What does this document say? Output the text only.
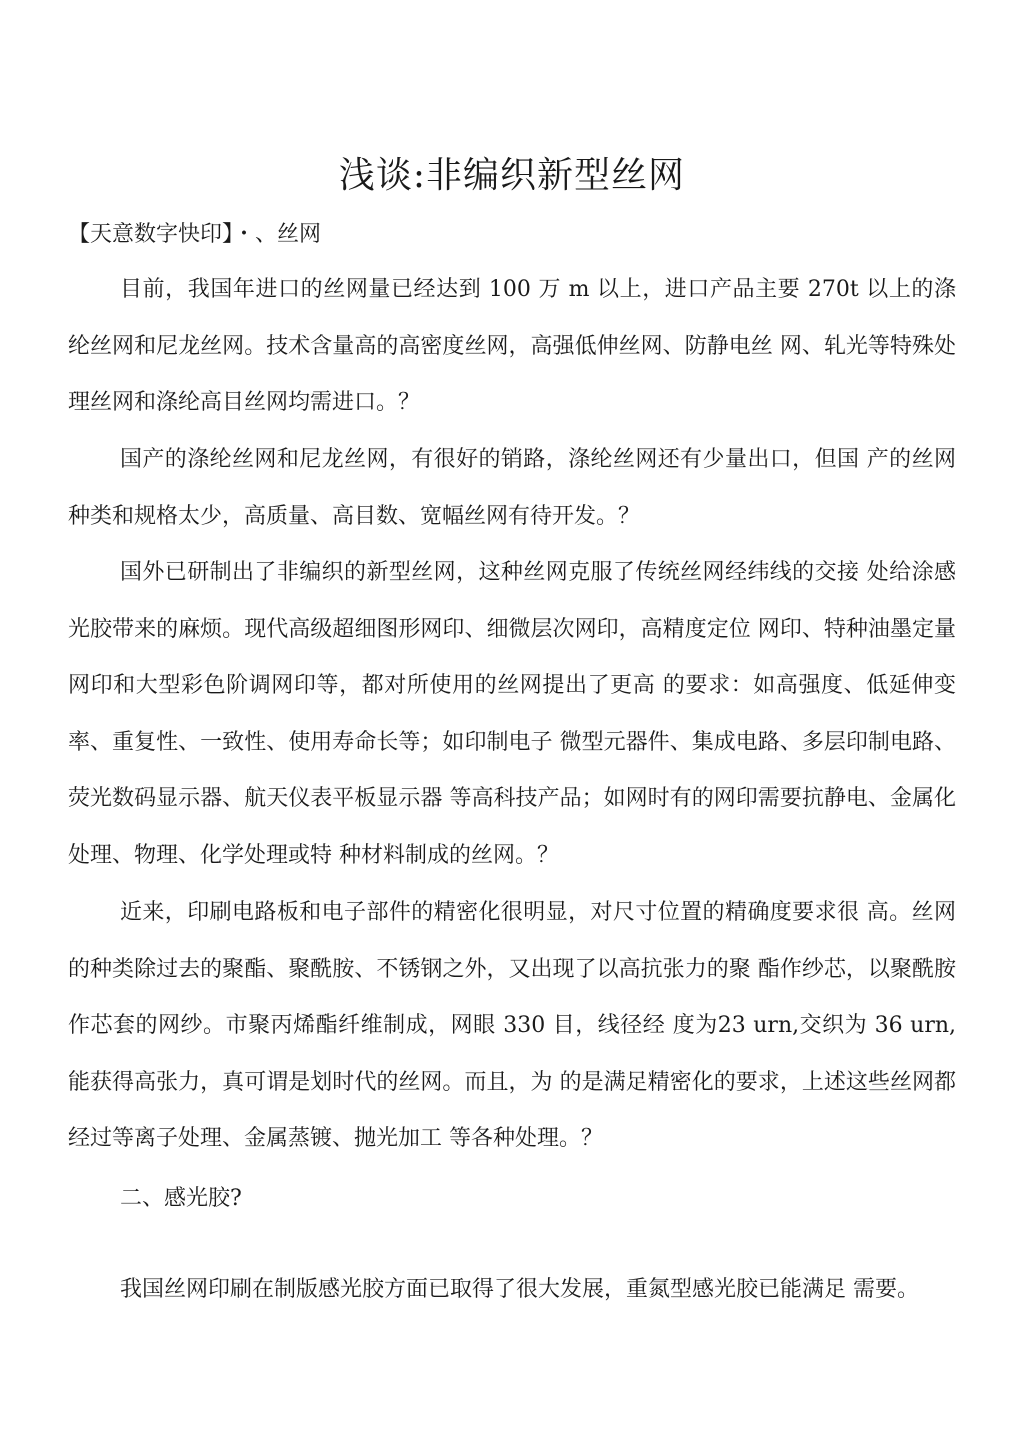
浅谈:非编织新型丝网

【天意数字快印】・、丝网

目前，我国年进口的丝网量已经达到 100 万 m 以上，进口产品主要 270t 以上的涤纶丝网和尼龙丝网。技术含量高的高密度丝网，高强低伸丝网、防静电丝 网、轧光等特殊处理丝网和涤纶高目丝网均需进口。？

国产的涤纶丝网和尼龙丝网，有很好的销路，涤纶丝网还有少量出口，但国 产的丝网种类和规格太少，高质量、高目数、宽幅丝网有待开发。？

国外已研制出了非编织的新型丝网，这种丝网克服了传统丝网经纬线的交接 处给涂感光胶带来的麻烦。现代高级超细图形网印、细微层次网印，高精度定位 网印、特种油墨定量网印和大型彩色阶调网印等，都对所使用的丝网提出了更高 的要求：如高强度、低延伸变率、重复性、一致性、使用寿命长等；如印制电子 微型元器件、集成电路、多层印制电路、荧光数码显示器、航天仪表平板显示器 等高科技产品；如网时有的网印需要抗静电、金属化处理、物理、化学处理或特 种材料制成的丝网。？

近来，印刷电路板和电子部件的精密化很明显，对尺寸位置的精确度要求很 高。丝网的种类除过去的聚酯、聚酰胺、不锈钢之外，又出现了以高抗张力的聚 酯作纱芯，以聚酰胺作芯套的网纱。市聚丙烯酯纤维制成，网眼 330 目，线径经 度为23 urn,交织为 36 urn,能获得高张力，真可谓是划时代的丝网。而且，为 的是满足精密化的要求，上述这些丝网都经过等离子处理、金属蒸镀、抛光加工 等各种处理。？

二、感光胶?

我国丝网印刷在制版感光胶方面已取得了很大发展，重氮型感光胶已能满足 需要。
